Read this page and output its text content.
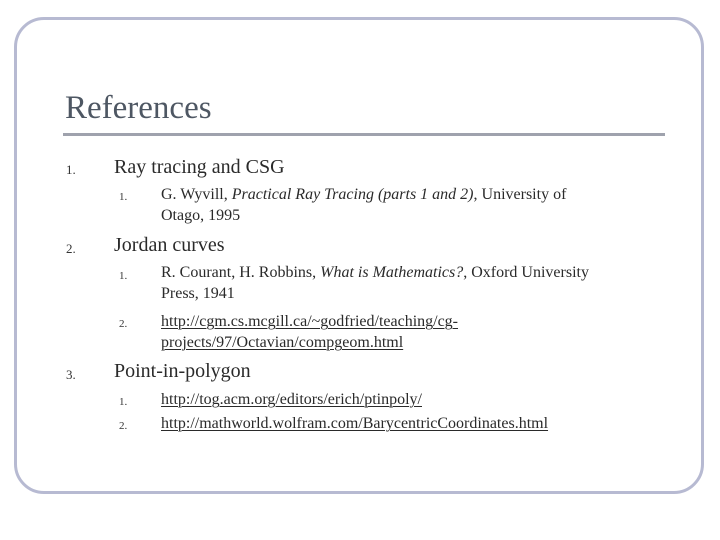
References
1. Ray tracing and CSG
1. G. Wyvill, Practical Ray Tracing (parts 1 and 2), University of
Otago, 1995
2. Jordan curves
1. R. Courant, H. Robbins, What is Mathematics?, Oxford University
Press, 1941
2. http://cgm.cs.mcgill.ca/~godfried/teaching/cg-
projects/97/Octavian/compgeom.html
3. Point-in-polygon
1. http://tog.acm.org/editors/erich/ptinpoly/
2. http://mathworld.wolfram.com/BarycentricCoordinates.html
